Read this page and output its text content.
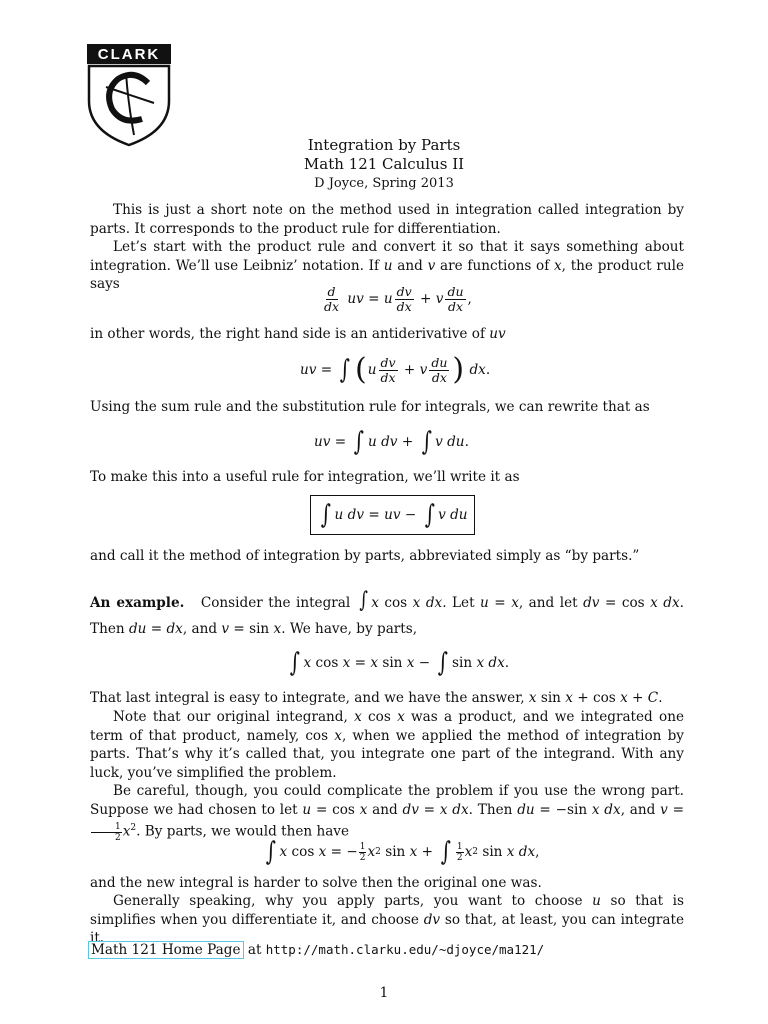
CLARK
Integration by Parts
Math 121 Calculus II
D Joyce, Spring 2013
This is just a short note on the method used in integration called integration by parts. It corresponds to the product rule for differentiation.
Let’s start with the product rule and convert it so that it says something about integration. We’ll use Leibniz’ notation. If u and v are functions of x, the product rule says
$\frac{d}{dx}$ uv = u $\frac{dv}{dx} + v \frac{du}{dx}$ ,
in other words, the right hand side is an antiderivative of uv
uv = ∫ ( u $\frac{dv}{dx} + v \frac{du}{dx}$ )
dx .
Using the sum rule and the substitution rule for integrals, we can rewrite that as
uv = ∫ u dv + ∫ v du .
To make this into a useful rule for integration, we’ll write it as
∫ u dv = uv − ∫ v du
and call it the method of integration by parts, abbreviated simply as “by parts.”
An example. Consider the integral ∫ x cos x dx. Let u = x, and let dv = cos x dx. Then du = dx, and v = sin x. We have, by parts,
∫ x cos x = x sin x − ∫ sin x dx .
That last integral is easy to integrate, and we have the answer, x sin x + cos x + C.
Note that our original integrand, x cos x was a product, and we integrated one term of that product, namely, cos x, when we applied the method of integration by parts. That’s why it’s called that, you integrate one part of the integrand. With any luck, you’ve simplified the problem.
Be careful, though, you could complicate the problem if you use the wrong part. Suppose we had chosen to let u = cos x and dv = x dx. Then du = −sin x dx, and v =
$\frac{1}{2} x^2$. By parts, we would then have
∫ x cos x = − 1
2 x 2 sin x + ∫ 1
2 x 2 sin x dx ,
and the new integral is harder to solve then the original one was.
Generally speaking, why you apply parts, you want to choose u so that is simplifies when you differentiate it, and choose dv so that, at least, you can integrate it.
Math 121 Home Page at http://math.clarku.edu/~djoyce/ma121/
1
